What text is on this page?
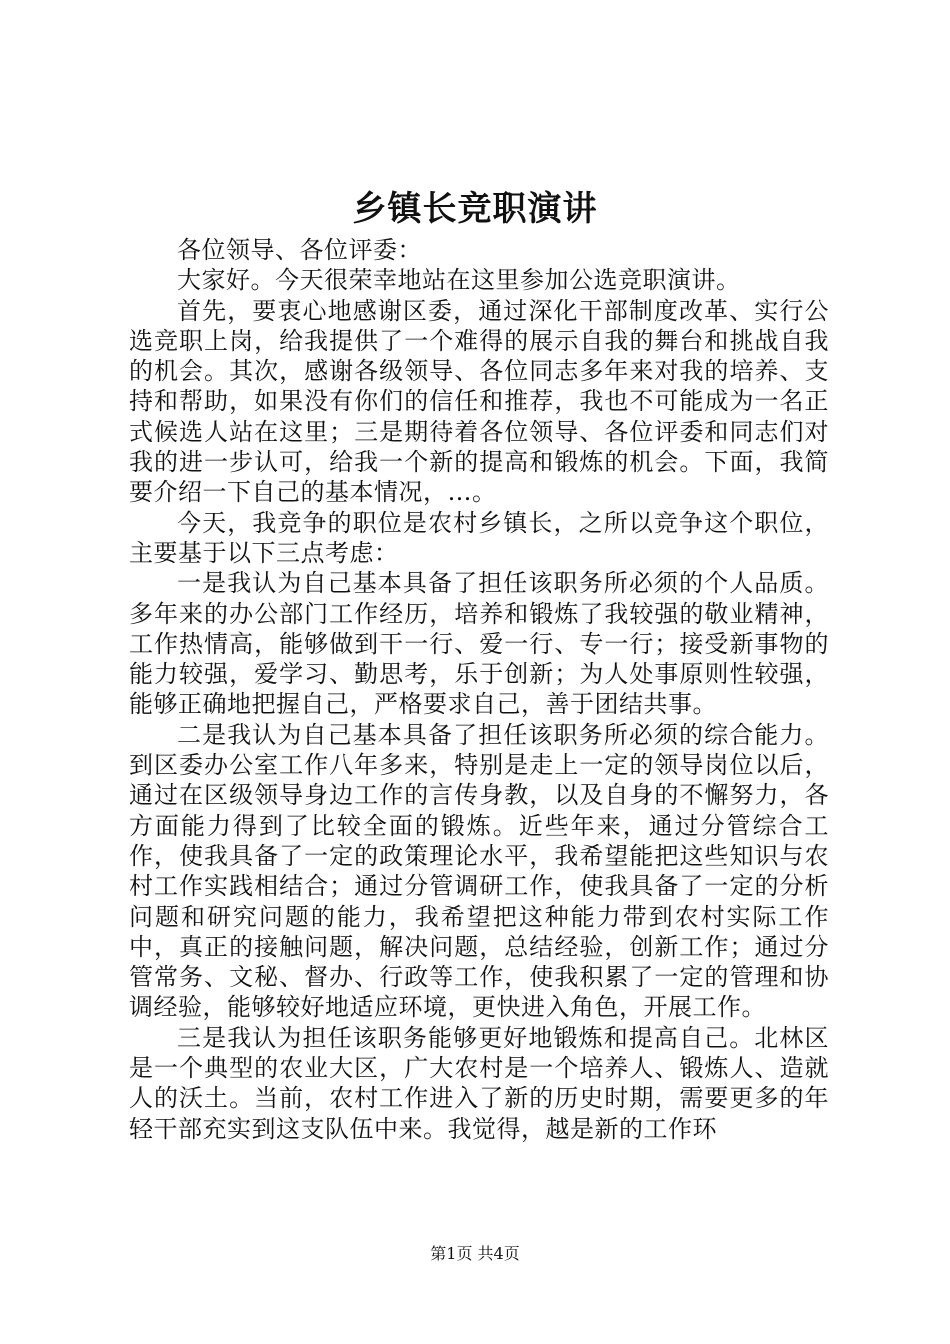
乡镇长竞职演讲

各位领导、各位评委：

大家好。今天很荣幸地站在这里参加公选竞职演讲。

首先，要衷心地感谢区委，通过深化干部制度改革、实行公选竞职上岗，给我提供了一个难得的展示自我的舞台和挑战自我的机会。其次，感谢各级领导、各位同志多年来对我的培养、支持和帮助，如果没有你们的信任和推荐，我也不可能成为一名正式候选人站在这里；三是期待着各位领导、各位评委和同志们对我的进一步认可，给我一个新的提高和锻炼的机会。下面，我简要介绍一下自己的基本情况，…。

今天，我竞争的职位是农村乡镇长，之所以竞争这个职位，主要基于以下三点考虑：

一是我认为自己基本具备了担任该职务所必须的个人品质。多年来的办公部门工作经历，培养和锻炼了我较强的敬业精神，工作热情高，能够做到干一行、爱一行、专一行；接受新事物的能力较强，爱学习、勤思考，乐于创新；为人处事原则性较强，能够正确地把握自己，严格要求自己，善于团结共事。

二是我认为自己基本具备了担任该职务所必须的综合能力。到区委办公室工作八年多来，特别是走上一定的领导岗位以后，通过在区级领导身边工作的言传身教，以及自身的不懈努力，各方面能力得到了比较全面的锻炼。近些年来，通过分管综合工作，使我具备了一定的政策理论水平，我希望能把这些知识与农村工作实践相结合；通过分管调研工作，使我具备了一定的分析问题和研究问题的能力，我希望把这种能力带到农村实际工作中，真正的接触问题，解决问题，总结经验，创新工作；通过分管常务、文秘、督办、行政等工作，使我积累了一定的管理和协调经验，能够较好地适应环境，更快进入角色，开展工作。

三是我认为担任该职务能够更好地锻炼和提高自己。北林区是一个典型的农业大区，广大农村是一个培养人、锻炼人、造就人的沃土。当前，农村工作进入了新的历史时期，需要更多的年轻干部充实到这支队伍中来。我觉得，越是新的工作环

第1页 共4页
